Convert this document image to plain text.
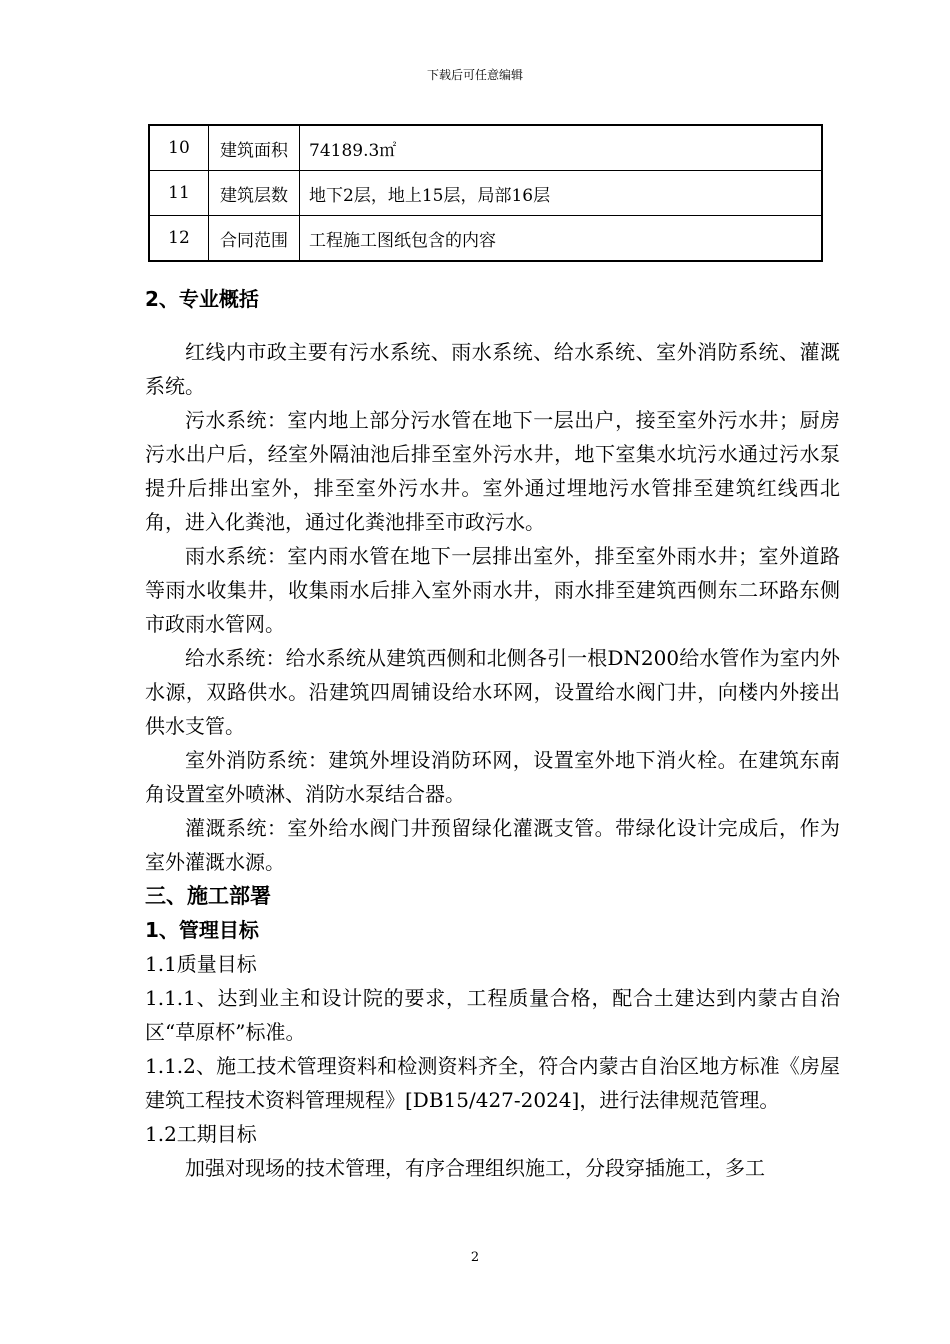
下载后可任意编辑
10	建筑面积	74189.3㎡
11	建筑层数	地下2层，地上15层，局部16层
12	合同范围	工程施工图纸包含的内容

2、专业概括

红线内市政主要有污水系统、雨水系统、给水系统、室外消防系统、灌溉系统。

污水系统：室内地上部分污水管在地下一层出户，接至室外污水井；厨房污水出户后，经室外隔油池后排至室外污水井，地下室集水坑污水通过污水泵提升后排出室外，排至室外污水井。室外通过埋地污水管排至建筑红线西北角，进入化粪池，通过化粪池排至市政污水。

雨水系统：室内雨水管在地下一层排出室外，排至室外雨水井；室外道路等雨水收集井，收集雨水后排入室外雨水井，雨水排至建筑西侧东二环路东侧市政雨水管网。

给水系统：给水系统从建筑西侧和北侧各引一根DN200给水管作为室内外水源，双路供水。沿建筑四周铺设给水环网，设置给水阀门井，向楼内外接出供水支管。

室外消防系统：建筑外埋设消防环网，设置室外地下消火栓。在建筑东南角设置室外喷淋、消防水泵结合器。

灌溉系统：室外给水阀门井预留绿化灌溉支管。带绿化设计完成后，作为室外灌溉水源。

三、施工部署

1、管理目标

1.1质量目标

1.1.1、达到业主和设计院的要求，工程质量合格，配合土建达到内蒙古自治区“草原杯”标准。

1.1.2、施工技术管理资料和检测资料齐全，符合内蒙古自治区地方标准《房屋建筑工程技术资料管理规程》[DB15/427-2024]，进行法律规范管理。

1.2工期目标

加强对现场的技术管理，有序合理组织施工，分段穿插施工，多工

2
